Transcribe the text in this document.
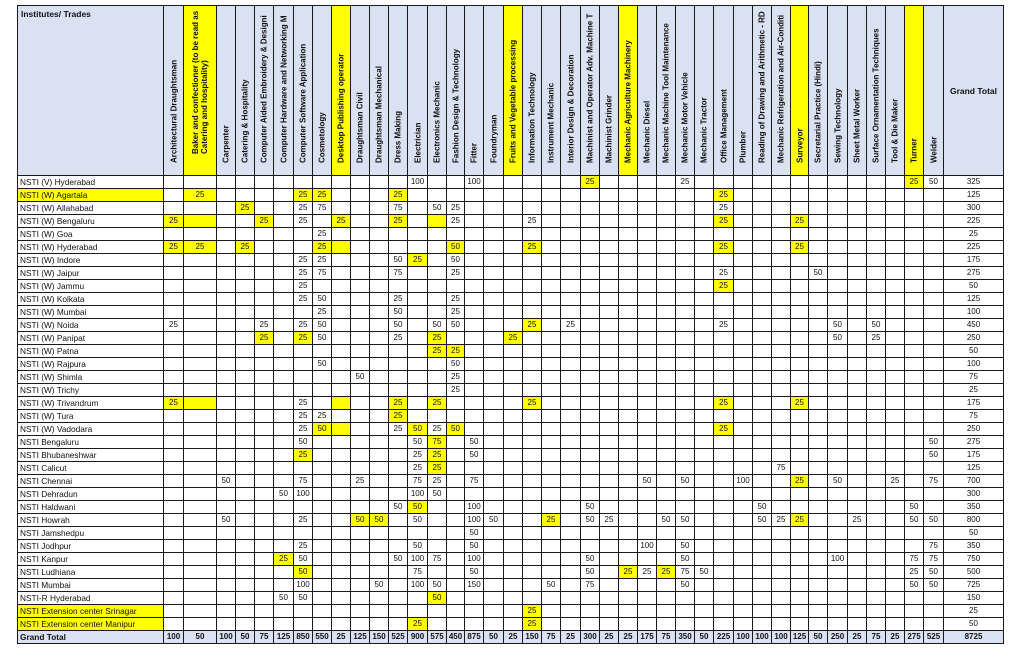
Institutes/ Trades	Architectural Draughtsman	Baker and confectioner (to be read as Catering and hospitality)	Carpenter	Catering & Hospitality	Computer Aided Embroidery & Designi	Computer Hardware and Networking M	Computer Software Application	Cosmetology	Desktop Publishing operator	Draughtsman Civil	Draughtsman Mechanical	Dress Making	Electrician	Electronics Mechanic	Fashion Design & Technology	Fitter	Foundryman	Fruits and Vegetable processing	Information Technology	Instrument Mechanic	Interior Design & Decoration	Machinist and Operator Adv. Machine T	Machinist Grinder	Mechanic Agriculture Machinery	Mechanic Diesel	Mechanic Machine Tool Maintenance	Mechanic Motor Vehicle	Mechanic Tractor	Office Management	Plumber	Reading of Drawing and Arithmetic - RD	Mechanic Refrigeration and Air-Conditi	Surveyor	Secretarial Practice (Hindi)	Sewing Technology	Sheet Metal Worker	Surface Ornamentation Techniques	Tool & Die Maker	Turner	Welder	Grand Total
NSTI (V) Hyderabad													100			100						25					25												25	50	325
NSTI (W) Agartala		25					25	25				25																	25												125
NSTI (W) Allahabad				25			25	75				75		50	25														25												300
NSTI (W) Bengaluru	25				25		25		25			25			25				25										25				25								225
NSTI (W) Goa								25																																	25
NSTI (W) Hyderabad	25	25		25				25							50				25										25				25								225
NSTI (W) Indore							25	25				50	25		50																										175
NSTI (W) Jaipur							25	75				75			25														25					50							275
NSTI (W) Jammu							25																						25												50
NSTI (W) Kolkata							25	50				25			25																										125
NSTI (W) Mumbai								25				50			25																										100
NSTI (W) Noida	25				25		25	50				50		50	50				25		25								25						50		50				450
NSTI (W) Panipat					25		25	50				25		25				25																	50		25				250
NSTI (W) Patna														25	25																										50
NSTI (W) Rajpura								50							50																										100
NSTI (W) Shimla										50					25																										75
NSTI (W) Trichy															25																										25
NSTI (W) Trivandrum	25						25					25		25					25										25				25								175
NSTI (W) Tura							25	25				25																													75
NSTI (W) Vadodara							25	50				25	50	25	50														25												250
NSTI Bengaluru							50						50	75		50																								50	275
NSTI Bhubaneshwar							25						25	25		50																								50	175
NSTI Calicut													25	25																		75									125
NSTI Chennai			50				75			25			75	25		75									50		50			100			25		50			25		75	700
NSTI Dehradun						50	100						100	50																											300
NSTI Haldwani												50	50			100						50									50								50		350
NSTI Howrah			50				25			50	50		50			100	50			25		50	25			50	50				50	25	25			25			50	50	800
NSTI Jamshedpu																50																									50
NSTI Jodhpur							25						50			50									100		50													75	350
NSTI Kanpur						25	50					50	100	75		100						50					50								100				75	75	750
NSTI Ludhiana							50						75			50						50		25	25	25	75	50											25	50	500
NSTI Mumbai							100				50		100	50		150				50		75					50												50	50	725
NSTI-R Hyderabad						50	50							50																											150
NSTI Extension center Srinagar																			25																						25
NSTI Extension center Manipur													25						25																						50
Grand Total	100	50	100	50	75	125	850	550	25	125	150	525	900	575	450	875	50	25	150	75	25	300	25	25	175	75	350	50	225	100	100	100	125	50	250	25	75	25	275	525	8725
